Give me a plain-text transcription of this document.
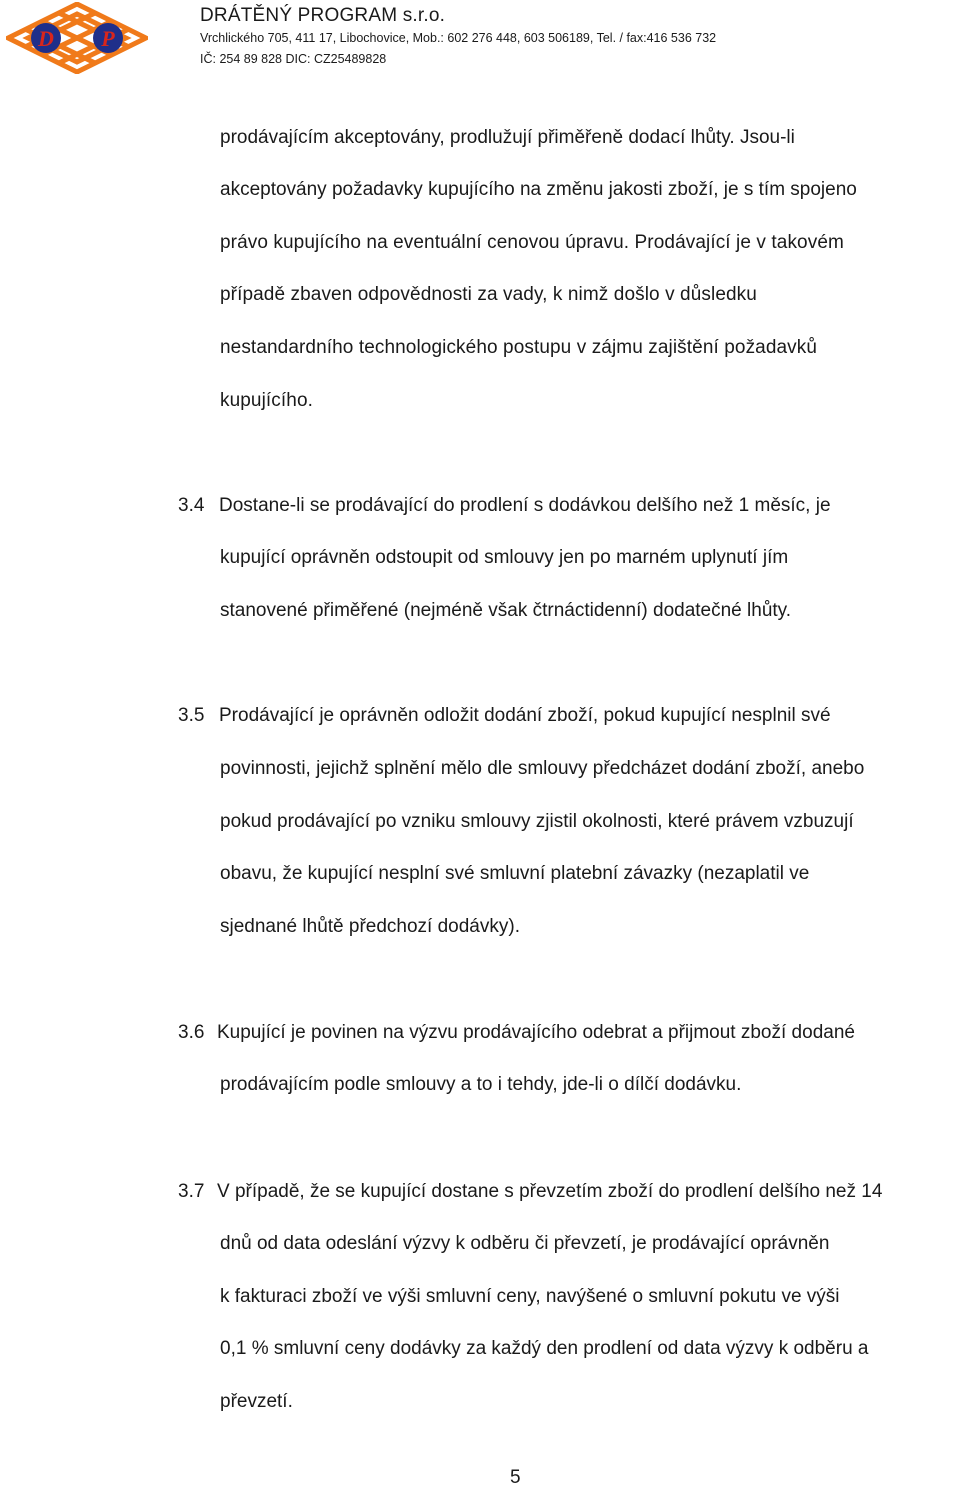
D P
DRÁTĚNÝ PROGRAM s.r.o.
Vrchlického 705, 411 17, Libochovice, Mob.: 602 276 448, 603 506189, Tel. / fax:416 536 732
IČ: 254 89 828 DIC: CZ25489828
prodávajícím akceptovány, prodlužují přiměřeně dodací lhůty. Jsou-li
akceptovány požadavky kupujícího na změnu jakosti zboží, je s tím spojeno
právo kupujícího na eventuální cenovou úpravu. Prodávající je v takovém
případě zbaven odpovědnosti za vady, k nimž došlo v důsledku
nestandardního technologického postupu v zájmu zajištění požadavků
kupujícího.
3.4 Dostane-li se prodávající do prodlení s dodávkou delšího než 1 měsíc, je
kupující oprávněn odstoupit od smlouvy jen po marném uplynutí jím
stanovené přiměřené (nejméně však čtrnáctidenní) dodatečné lhůty.
3.5 Prodávající je oprávněn odložit dodání zboží, pokud kupující nesplnil své
povinnosti, jejichž splnění mělo dle smlouvy předcházet dodání zboží, anebo
pokud prodávající po vzniku smlouvy zjistil okolnosti, které právem vzbuzují
obavu, že kupující nesplní své smluvní platební závazky (nezaplatil ve
sjednané lhůtě předchozí dodávky).
3.6 Kupující je povinen na výzvu prodávajícího odebrat a přijmout zboží dodané
prodávajícím podle smlouvy a to i tehdy, jde-li o dílčí dodávku.
3.7 V případě, že se kupující dostane s převzetím zboží do prodlení delšího než 14
dnů od data odeslání výzvy k odběru či převzetí, je prodávající oprávněn
k fakturaci zboží ve výši smluvní ceny, navýšené o smluvní pokutu ve výši
0,1 % smluvní ceny dodávky za každý den prodlení od data výzvy k odběru a
převzetí.
5
